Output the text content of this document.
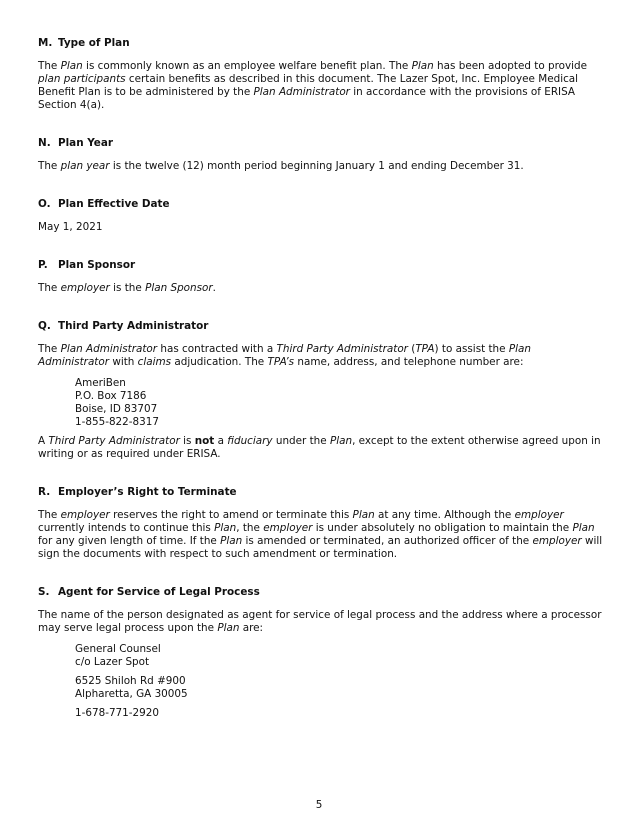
M. Type of Plan

The Plan is commonly known as an employee welfare benefit plan. The Plan has been adopted to provide plan participants certain benefits as described in this document. The Lazer Spot, Inc. Employee Medical Benefit Plan is to be administered by the Plan Administrator in accordance with the provisions of ERISA Section 4(a).

N. Plan Year

The plan year is the twelve (12) month period beginning January 1 and ending December 31.

O. Plan Effective Date

May 1, 2021

P. Plan Sponsor

The employer is the Plan Sponsor.

Q. Third Party Administrator

The Plan Administrator has contracted with a Third Party Administrator (TPA) to assist the Plan Administrator with claims adjudication. The TPA’s name, address, and telephone number are:

AmeriBen

P.O. Box 7186

Boise, ID 83707

1-855-822-8317

A Third Party Administrator is not a fiduciary under the Plan, except to the extent otherwise agreed upon in writing or as required under ERISA.

R. Employer’s Right to Terminate

The employer reserves the right to amend or terminate this Plan at any time. Although the employer currently intends to continue this Plan, the employer is under absolutely no obligation to maintain the Plan for any given length of time. If the Plan is amended or terminated, an authorized officer of the employer will sign the documents with respect to such amendment or termination.

S. Agent for Service of Legal Process

The name of the person designated as agent for service of legal process and the address where a processor may serve legal process upon the Plan are:

General Counsel

c/o Lazer Spot

6525 Shiloh Rd #900

Alpharetta, GA 30005

1-678-771-2920

5
